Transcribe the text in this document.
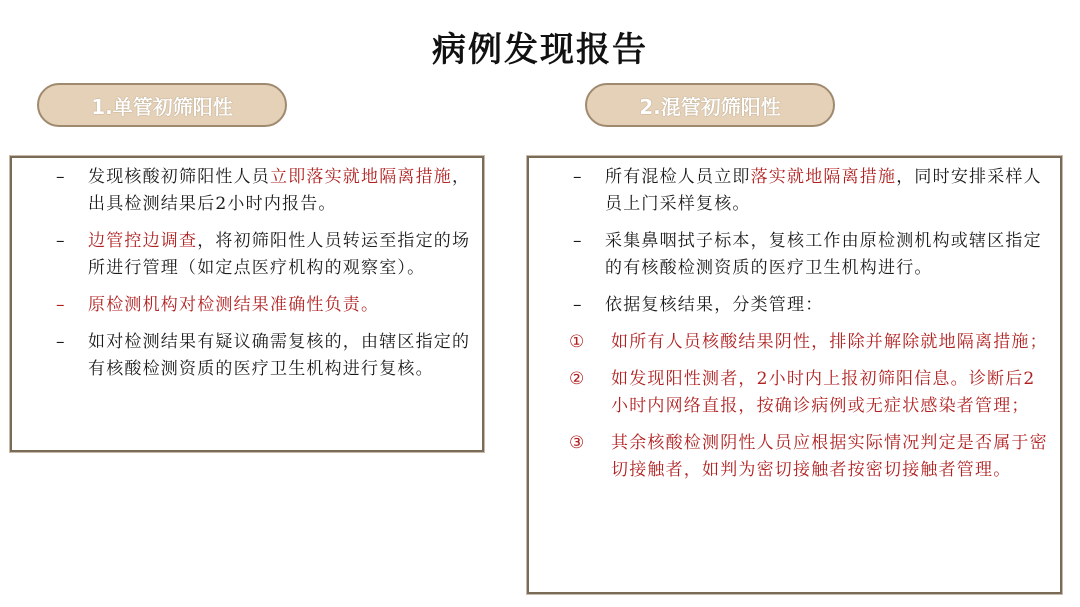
病例发现报告
1.单管初筛阳性	2.混管初筛阳性
– 发现核酸初筛阳性人员立即落实就地隔离措施，出具检测结果后2小时内报告。
– 边管控边调查，将初筛阳性人员转运至指定的场所进行管理（如定点医疗机构的观察室）。
– 原检测机构对检测结果准确性负责。
– 如对检测结果有疑议确需复核的，由辖区指定的有核酸检测资质的医疗卫生机构进行复核。
– 所有混检人员立即落实就地隔离措施，同时安排采样人员上门采样复核。
– 采集鼻咽拭子标本，复核工作由原检测机构或辖区指定的有核酸检测资质的医疗卫生机构进行。
– 依据复核结果，分类管理：
① 如所有人员核酸结果阴性，排除并解除就地隔离措施；
② 如发现阳性测者，2小时内上报初筛阳信息。诊断后2小时内网络直报，按确诊病例或无症状感染者管理；
③ 其余核酸检测阴性人员应根据实际情况判定是否属于密切接触者，如判为密切接触者按密切接触者管理。
